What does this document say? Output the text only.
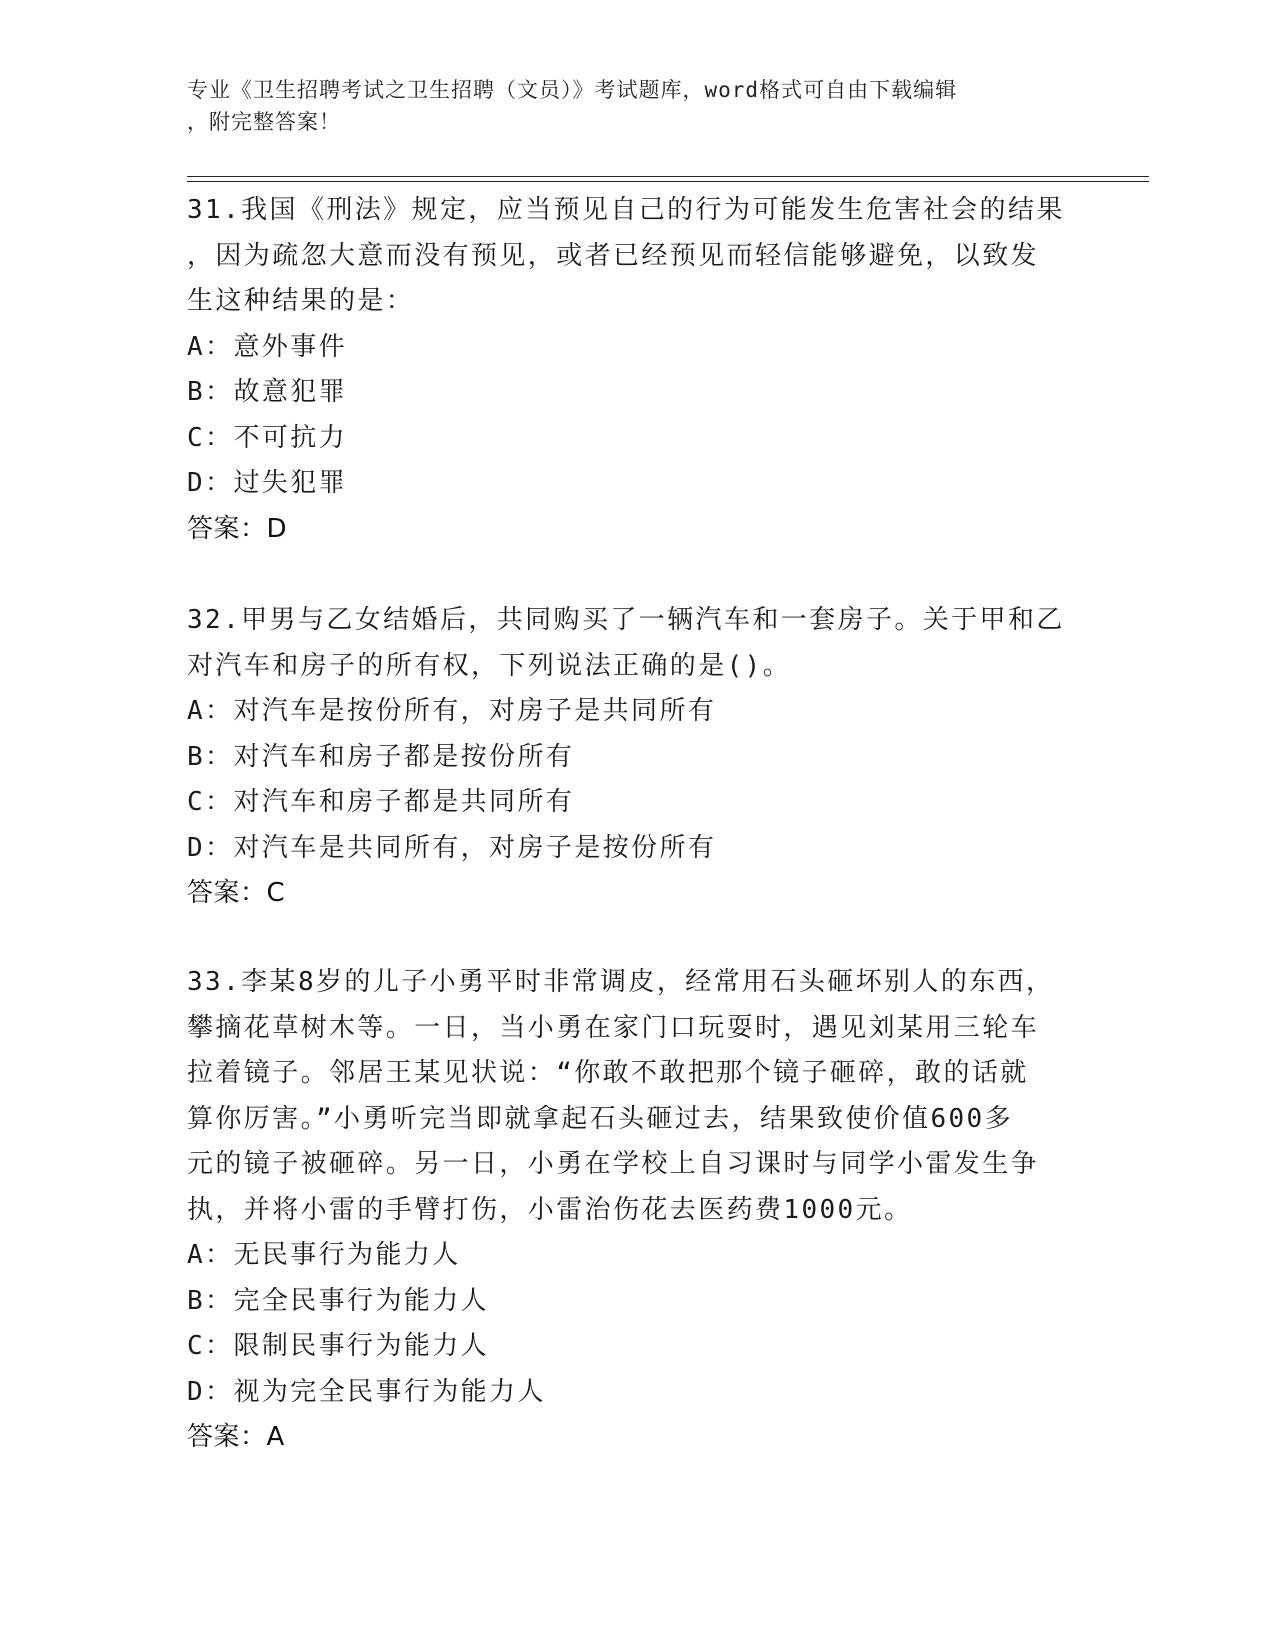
专业《卫生招聘考试之卫生招聘（文员）》考试题库，word格式可自由下载编辑
，附完整答案！
31.我国《刑法》规定，应当预见自己的行为可能发生危害社会的结果
，因为疏忽大意而没有预见，或者已经预见而轻信能够避免，以致发
生这种结果的是：
A：意外事件
B：故意犯罪
C：不可抗力
D：过失犯罪
答案：D
32.甲男与乙女结婚后，共同购买了一辆汽车和一套房子。关于甲和乙
对汽车和房子的所有权，下列说法正确的是()。
A：对汽车是按份所有，对房子是共同所有
B：对汽车和房子都是按份所有
C：对汽车和房子都是共同所有
D：对汽车是共同所有，对房子是按份所有
答案：C
33.李某8岁的儿子小勇平时非常调皮，经常用石头砸坏别人的东西，
攀摘花草树木等。一日，当小勇在家门口玩耍时，遇见刘某用三轮车
拉着镜子。邻居王某见状说：“你敢不敢把那个镜子砸碎，敢的话就
算你厉害。”小勇听完当即就拿起石头砸过去，结果致使价值600多
元的镜子被砸碎。另一日，小勇在学校上自习课时与同学小雷发生争
执，并将小雷的手臂打伤，小雷治伤花去医药费1000元。
A：无民事行为能力人
B：完全民事行为能力人
C：限制民事行为能力人
D：视为完全民事行为能力人
答案：A
